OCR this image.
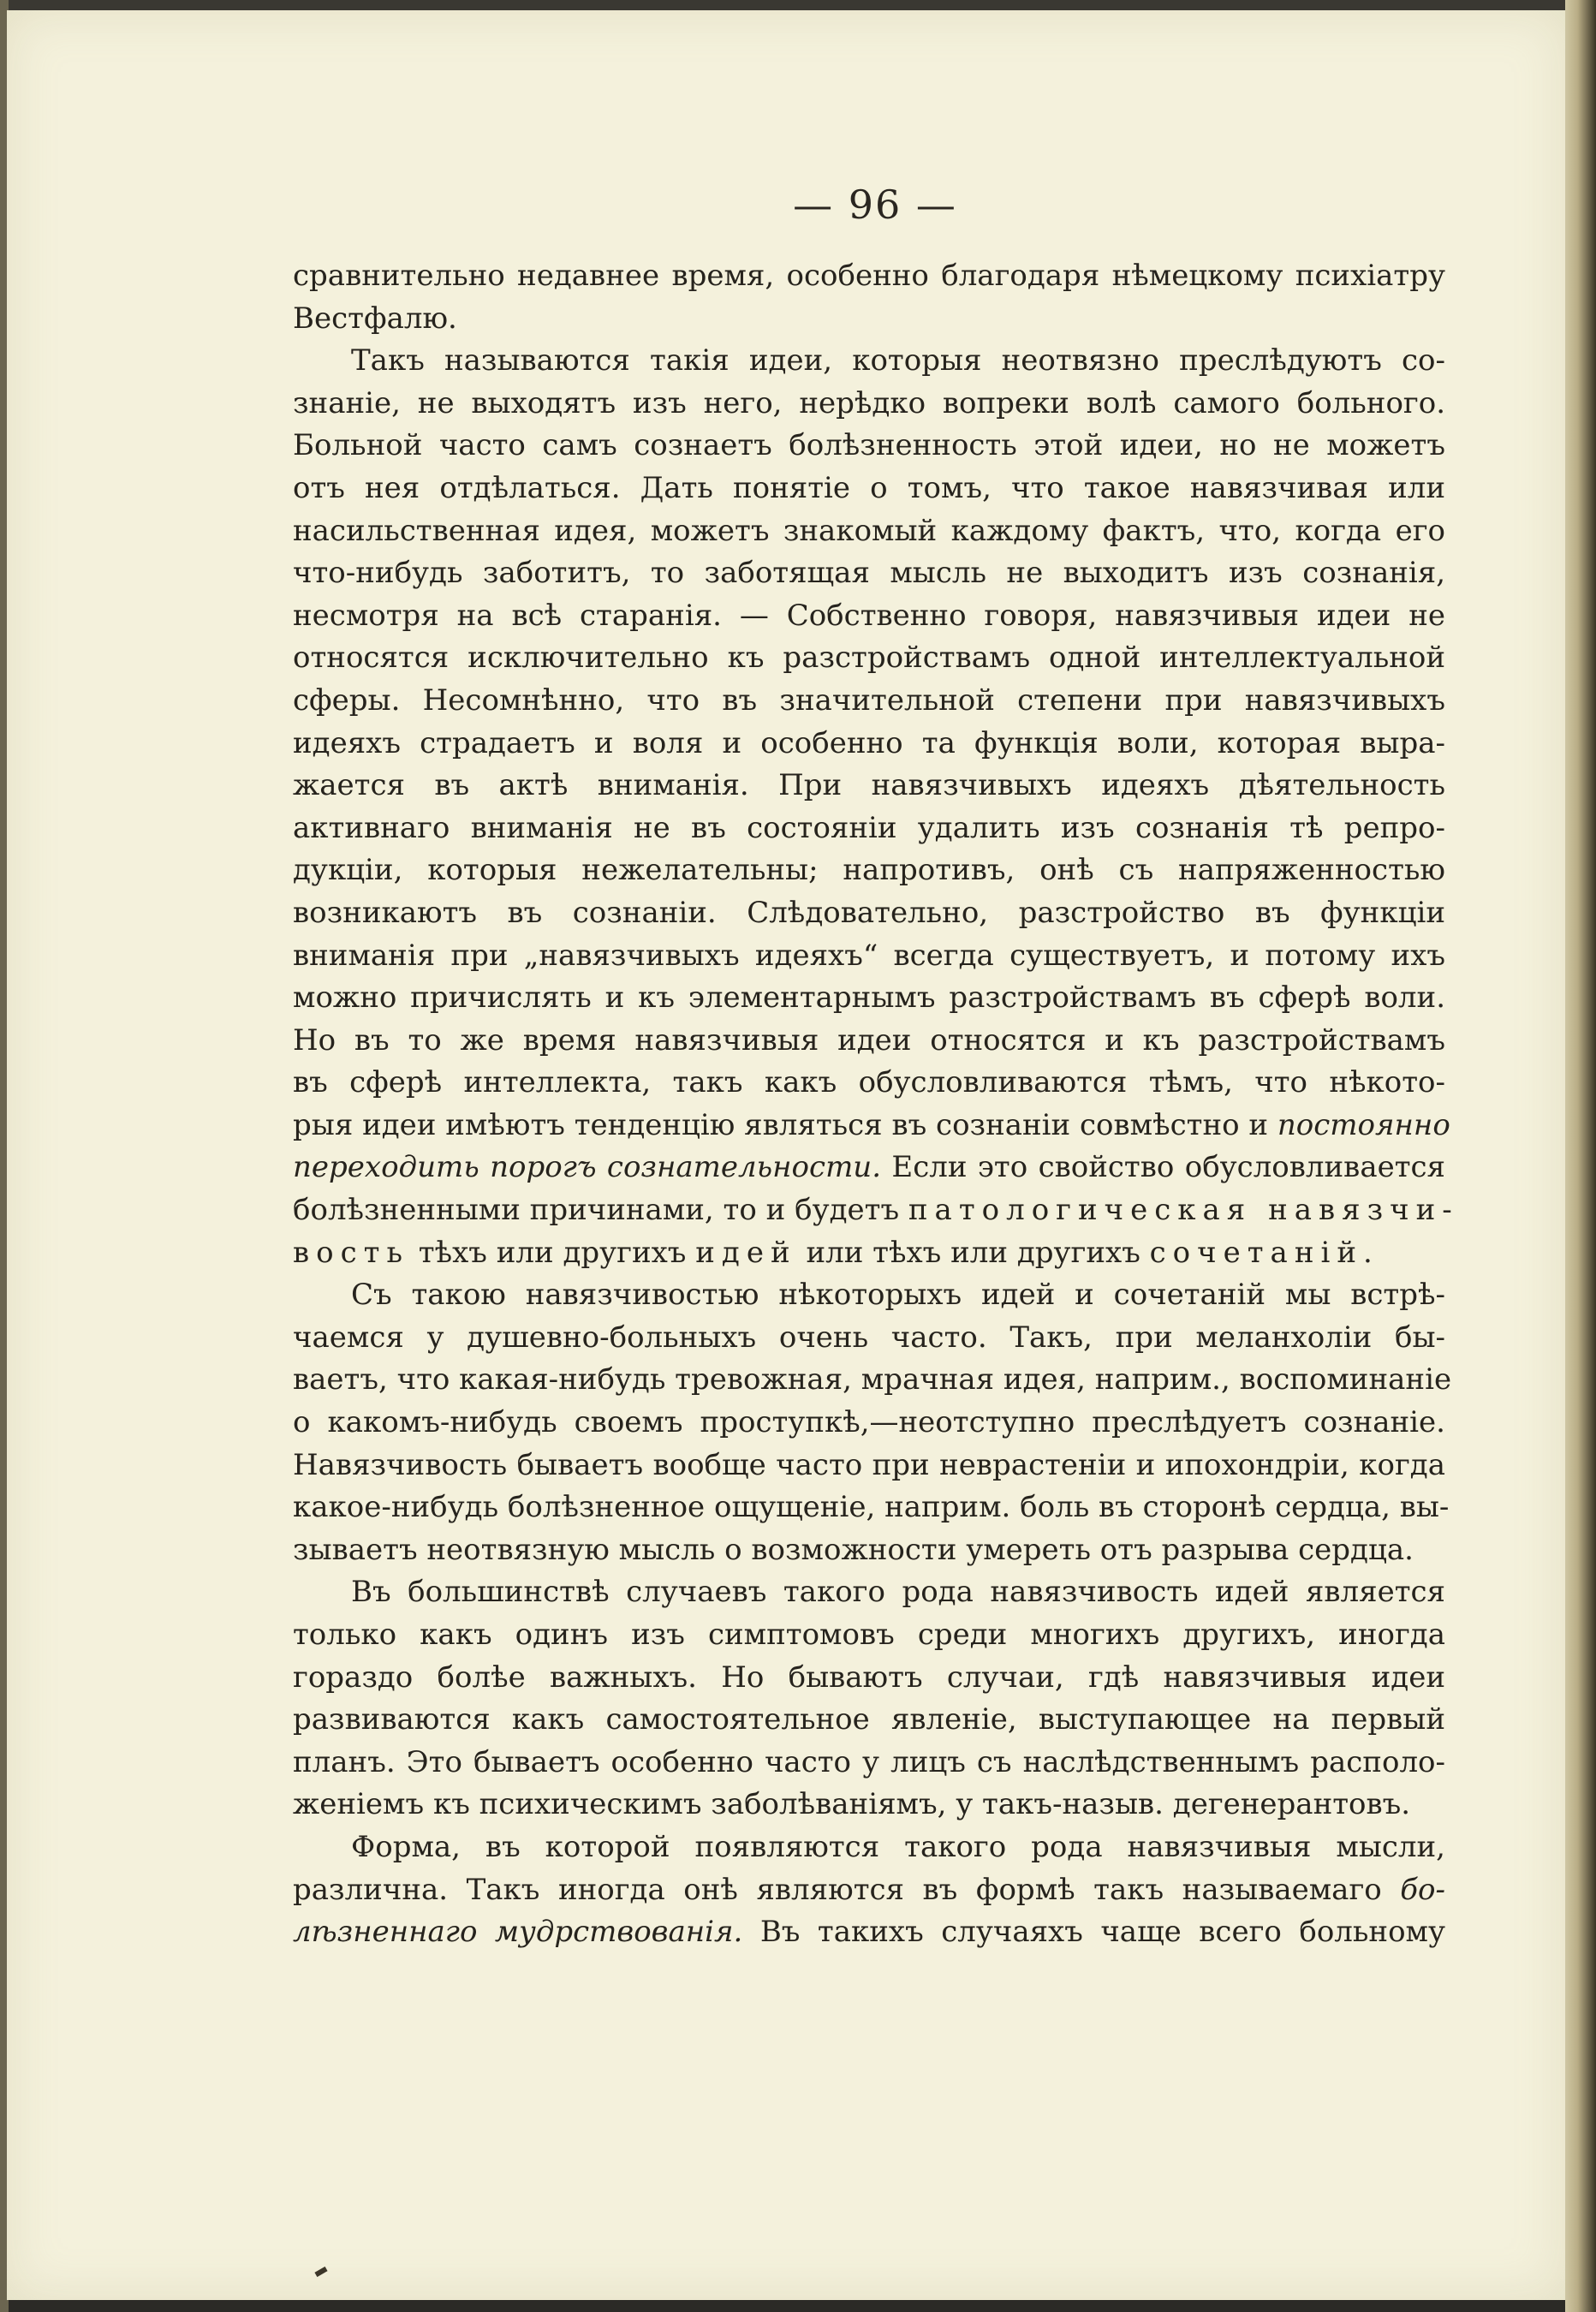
— 96 —
сравнительно недавнее время, особенно благодаря нѣмецкому психіатру
Вестфалю.
Такъ называются такія идеи, которыя неотвязно преслѣдуютъ со-
знаніе, не выходятъ изъ него, нерѣдко вопреки волѣ самого больного.
Больной часто самъ сознаетъ болѣзненность этой идеи, но не можетъ
отъ нея отдѣлаться. Дать понятіе о томъ, что такое навязчивая или
насильственная идея, можетъ знакомый каждому фактъ, что, когда его
что-нибудь заботитъ, то заботящая мысль не выходитъ изъ сознанія,
несмотря на всѣ старанія. — Собственно говоря, навязчивыя идеи не
относятся исключительно къ разстройствамъ одной интеллектуальной
сферы. Несомнѣнно, что въ значительной степени при навязчивыхъ
идеяхъ страдаетъ и воля и особенно та функція воли, которая выра-
жается въ актѣ вниманія. При навязчивыхъ идеяхъ дѣятельность
активнаго вниманія не въ состояніи удалить изъ сознанія тѣ репро-
дукціи, которыя нежелательны; напротивъ, онѣ съ напряженностью
возникаютъ въ сознаніи. Слѣдовательно, разстройство въ функціи
вниманія при „навязчивыхъ идеяхъ“ всегда существуетъ, и потому ихъ
можно причислять и къ элементарнымъ разстройствамъ въ сферѣ воли.
Но въ то же время навязчивыя идеи относятся и къ разстройствамъ
въ сферѣ интеллекта, такъ какъ обусловливаются тѣмъ, что нѣкото-
рыя идеи имѣютъ тенденцію являться въ сознаніи совмѣстно и постоянно
переходить порогъ сознательности. Если это свойство обусловливается
болѣзненными причинами, то и будетъ патологическая навязчи-
вость тѣхъ или другихъ идей или тѣхъ или другихъ сочетаній.
Съ такою навязчивостью нѣкоторыхъ идей и сочетаній мы встрѣ-
чаемся у душевно-больныхъ очень часто. Такъ, при меланхоліи бы-
ваетъ, что какая-нибудь тревожная, мрачная идея, наприм., воспоминаніе
о какомъ-нибудь своемъ проступкѣ,—неотступно преслѣдуетъ сознаніе.
Навязчивость бываетъ вообще часто при неврастеніи и ипохондріи, когда
какое-нибудь болѣзненное ощущеніе, наприм. боль въ сторонѣ сердца, вы-
зываетъ неотвязную мысль о возможности умереть отъ разрыва сердца.
Въ большинствѣ случаевъ такого рода навязчивость идей является
только какъ одинъ изъ симптомовъ среди многихъ другихъ, иногда
гораздо болѣе важныхъ. Но бываютъ случаи, гдѣ навязчивыя идеи
развиваются какъ самостоятельное явленіе, выступающее на первый
планъ. Это бываетъ особенно часто у лицъ съ наслѣдственнымъ располо-
женіемъ къ психическимъ заболѣваніямъ, у такъ-назыв. дегенерантовъ.
Форма, въ которой появляются такого рода навязчивыя мысли,
различна. Такъ иногда онѣ являются въ формѣ такъ называемаго бо-
лѣзненнаго мудрствованія. Въ такихъ случаяхъ чаще всего больному
